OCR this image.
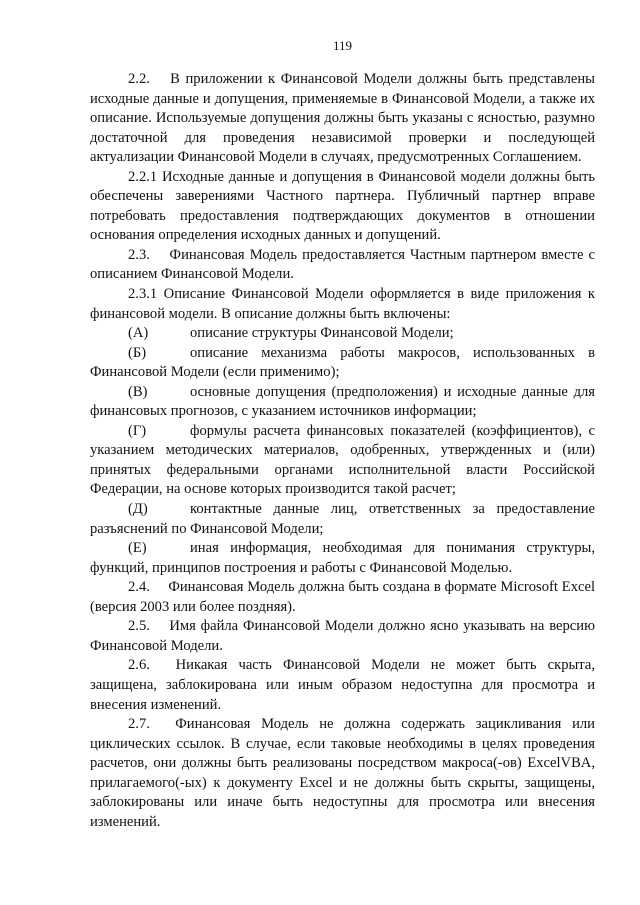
119

2.2.  В приложении к Финансовой Модели должны быть представлены исходные данные и допущения, применяемые в Финансовой Модели, а также их описание. Используемые допущения должны быть указаны с ясностью, разумно достаточной для проведения независимой проверки и последующей актуализации Финансовой Модели в случаях, предусмотренных Соглашением.

2.2.1 Исходные данные и допущения в Финансовой модели должны быть обеспечены заверениями Частного партнера. Публичный партнер вправе потребовать предоставления подтверждающих документов в отношении основания определения исходных данных и допущений.

2.3.  Финансовая Модель предоставляется Частным партнером вместе с описанием Финансовой Модели.

2.3.1 Описание Финансовой Модели оформляется в виде приложения к финансовой модели. В описание должны быть включены:

(А)	описание структуры Финансовой Модели;

(Б)	описание механизма работы макросов, использованных в Финансовой Модели (если применимо);

(В)	основные допущения (предположения) и исходные данные для финансовых прогнозов, с указанием источников информации;

(Г)	формулы расчета финансовых показателей (коэффициентов), с указанием методических материалов, одобренных, утвержденных и (или) принятых федеральными органами исполнительной власти Российской Федерации, на основе которых производится такой расчет;

(Д)	контактные данные лиц, ответственных за предоставление разъяснений по Финансовой Модели;

(Е)	иная информация, необходимая для понимания структуры, функций, принципов построения и работы с Финансовой Моделью.

2.4.  Финансовая Модель должна быть создана в формате Microsoft Excel (версия 2003 или более поздняя).

2.5.  Имя файла Финансовой Модели должно ясно указывать на версию Финансовой Модели.

2.6.  Никакая часть Финансовой Модели не может быть скрыта, защищена, заблокирована или иным образом недоступна для просмотра и внесения изменений.

2.7.  Финансовая Модель не должна содержать зацикливания или циклических ссылок. В случае, если таковые необходимы в целях проведения расчетов, они должны быть реализованы посредством макроса(-ов) ExcelVBA, прилагаемого(-ых) к документу Excel и не должны быть скрыты, защищены, заблокированы или иначе быть недоступны для просмотра или внесения изменений.
